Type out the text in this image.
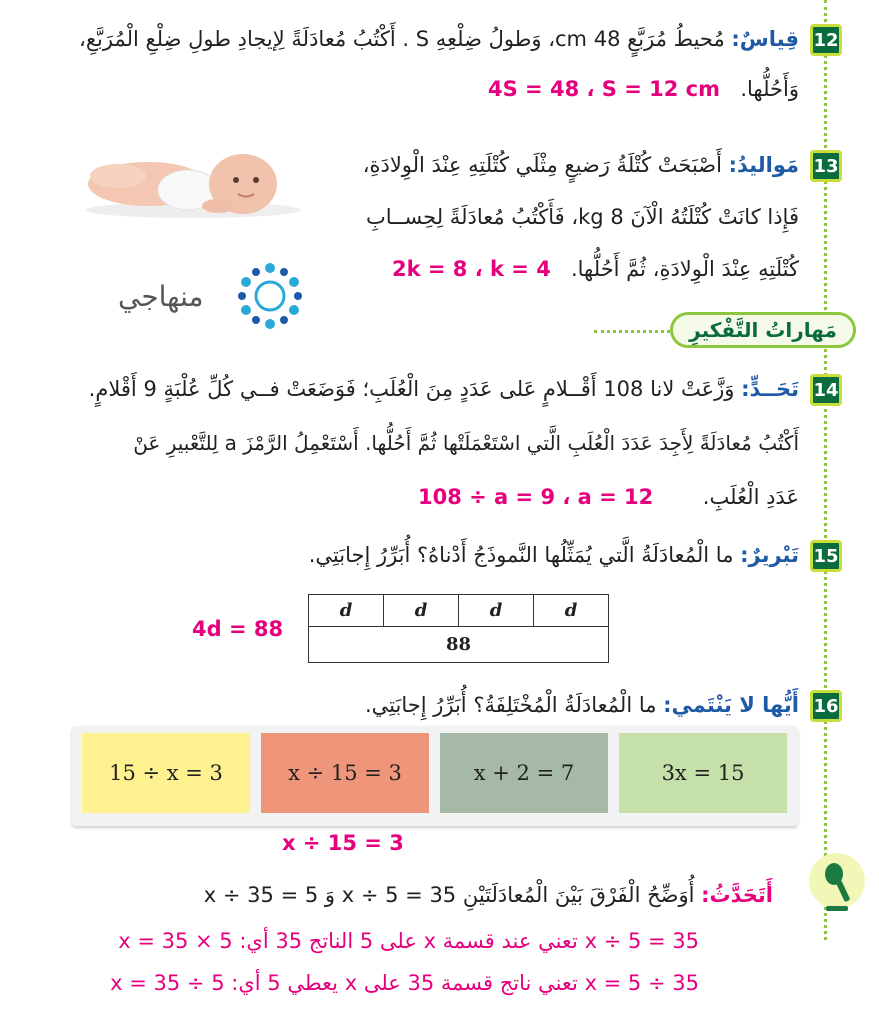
12
قِياسٌ: مُحيطُ مُرَبَّعٍ 48 cm، وَطولُ ضِلْعِهِ S . أَكْتُبُ مُعادَلَةً لِإيجادِ طولِ ضِلْعِ الْمُرَبَّعِ،
وَأَحُلُّها.
4S = 48 ، S = 12 cm
13
مَواليدُ: أَصْبَحَتْ كُتْلَةُ رَضيعٍ مِثْلَي كُتْلَتِهِ عِنْدَ الْوِلادَةِ،
فَإِذا كانَتْ كُتْلَتُهُ الْآنَ 8 kg، فَأَكْتُبُ مُعادَلَةً لِحِســابِ
كُتْلَتِهِ عِنْدَ الْوِلادَةِ، ثُمَّ أَحُلُّها.
2k = 8 ، k = 4
منهاجي
مَهاراتُ التَّفْكيرِ
14
تَحَــدٍّ: وَزَّعَتْ لانا 108 أَقْــلامٍ عَلى عَدَدٍ مِنَ الْعُلَبِ؛ فَوَضَعَتْ فــي كُلِّ عُلْبَةٍ 9 أَقْلامٍ.
أَكْتُبُ مُعادَلَةً لِأَجِدَ عَدَدَ الْعُلَبِ الَّتي اسْتَعْمَلَتْها ثُمَّ أَحُلُّها. أَسْتَعْمِلُ الرَّمْزَ a لِلتَّعْبيرِ عَنْ
عَدَدِ الْعُلَبِ.
108 ÷ a = 9 ، a = 12
15
تَبْريرٌ: ما الْمُعادَلَةُ الَّتي يُمَثِّلُها النَّموذَجُ أَدْناهُ؟ أُبَرِّرُ إِجابَتِي.
d	d	d	d
88
4d = 88
16
أَيُّها لا يَنْتَمي: ما الْمُعادَلَةُ الْمُخْتَلِفَةُ؟ أُبَرِّرُ إِجابَتِي.
15 ÷ x = 3	x ÷ 15 = 3	x + 2 = 7	3x = 15
x ÷ 15 = 3
أَتَحَدَّثُ: أُوَضِّحُ الْفَرْقَ بَيْنَ الْمُعادَلَتَيْنِ 35 = 5 ÷ x وَ 5 = x ÷ 35
x ÷ 5 = 35 تعني عند قسمة x على 5 الناتج 35 أي: x = 35 × 5
35 ÷ x = 5 تعني ناتج قسمة 35 على x يعطي 5 أي: x = 35 ÷ 5
